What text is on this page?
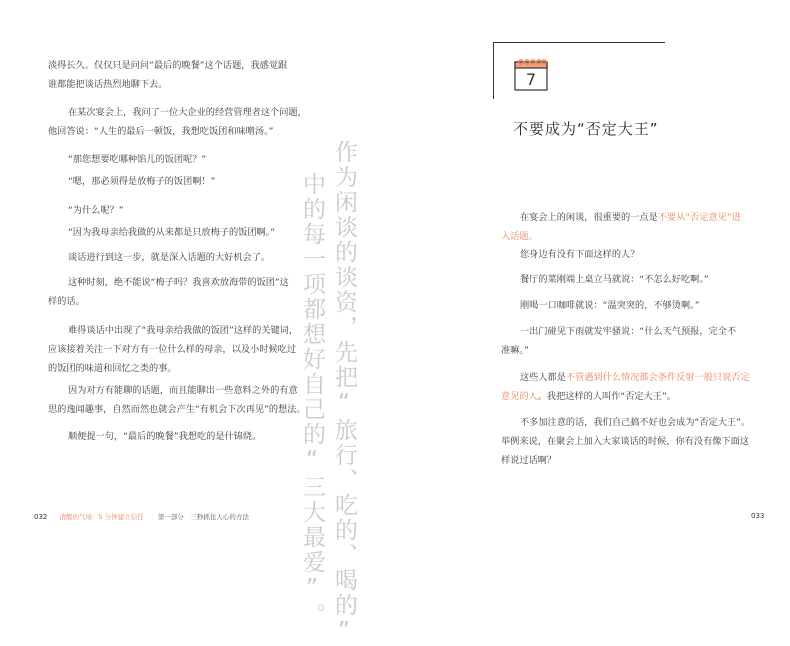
淡得长久。仅仅只是问问“最后的晚餐”这个话题，我感觉跟
谁都能把谈话热烈地聊下去。
在某次宴会上，我问了一位大企业的经营管理者这个问题，
他回答说：“人生的最后一顿饭，我想吃饭团和味噌汤。”
“那您想要吃哪种馅儿的饭团呢？”
“嗯，那必须得是放梅子的饭团啊！”
“为什么呢？”
“因为我母亲给我做的从来都是只放梅子的饭团啊。”
谈话进行到这一步，就是深入话题的大好机会了。
这种时刻，绝不能说“梅子吗？我喜欢放海带的饭团”这
样的话。
难得谈话中出现了“我母亲给我做的饭团”这样的关键词，
应该接着关注一下对方有一位什么样的母亲，以及小时候吃过
的饭团的味道和回忆之类的事。
因为对方有能聊的话题，而且能聊出一些意料之外的有意
思的逸闻趣事，自然而然也就会产生“有机会下次再见”的想法。
顺便提一句，“最后的晚餐”我想吃的是什锦烧。	作为闲谈的谈资，先把“旅行、吃的、喝的”
中的每一项都想好自己的“三大最爱”。
032 清醒的气场：5 分钟建立信任 第一部分　三秒抓住人心的方法
7
不要成为“否定大王”
在宴会上的闲谈，很重要的一点是不要从“否定意见”进
入话题。
您身边有没有下面这样的人？
餐厅的菜刚端上桌立马就说：“不怎么好吃啊。”
刚喝一口咖啡就说：“温突突的，不够烫啊。”
一出门碰见下雨就发牢骚说：“什么天气预报，完全不
准嘛。”
这些人都是不管遇到什么情况都会条件反射一般只说否定
意见的人。我把这样的人叫作“否定大王”。
不多加注意的话，我们自己搞不好也会成为“否定大王”。
举例来说，在聚会上加入大家谈话的时候，你有没有像下面这
样说过话啊？
033
